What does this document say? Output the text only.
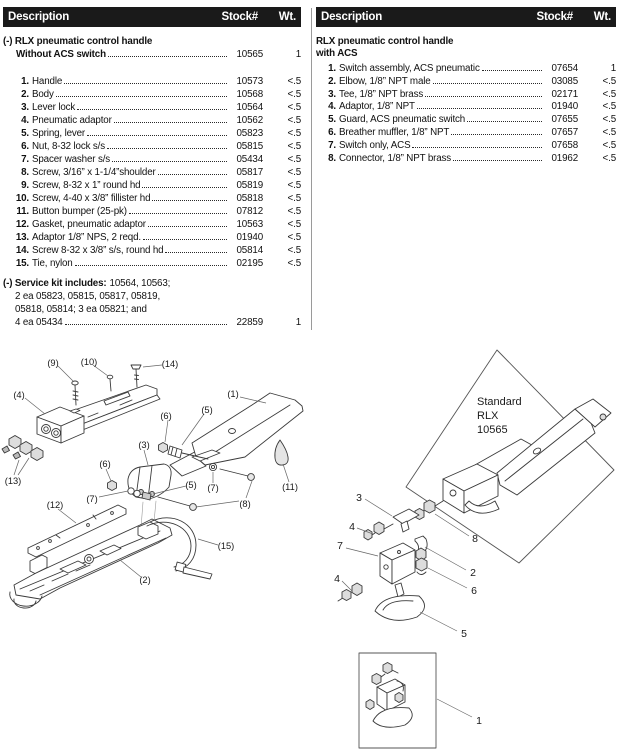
Description	Stock#	Wt.
(-) RLX pneumatic control handle
Without ACS switch	10565	1
1. Handle	10573	<.5
2. Body	10568	<.5
3. Lever lock	10564	<.5
4. Pneumatic adaptor	10562	<.5
5. Spring, lever	05823	<.5
6. Nut, 8-32 lock s/s	05815	<.5
7. Spacer washer s/s	05434	<.5
8. Screw, 3/16” x 1-1/4”shoulder	05817	<.5
9. Screw, 8-32 x 1” round hd	05819	<.5
10. Screw, 4-40 x 3/8” fillister hd	05818	<.5
11. Button bumper (25-pk)	07812	<.5
12. Gasket, pneumatic adaptor	10563	<.5
13. Adaptor 1/8” NPS, 2 reqd.	01940	<.5
14. Screw 8-32 x 3/8” s/s, round hd	05814	<.5
15. Tie, nylon	02195	<.5
(-) Service kit includes: 10564, 10563;
2 ea 05823, 05815, 05817, 05819,
05818, 05814; 3 ea 05821; and
4 ea 05434	22859	1
Description	Stock#	Wt.
RLX pneumatic control handle
with ACS
1. Switch assembly, ACS pneumatic	07654	1
2. Elbow, 1/8” NPT male	03085	<.5
3. Tee, 1/8” NPT brass	02171	<.5
4. Adaptor, 1/8” NPT	01940	<.5
5. Guard, ACS pneumatic switch	07655	<.5
6. Breather muffler, 1/8” NPT	07657	<.5
7. Switch only, ACS	07658	<.5
8. Connector, 1/8” NPT brass	01962	<.5
(9) (10)	(14)
(4)	(1)
(6)
(5)
(3)
(6)
(5)
(7)
(7)
(8)
(11)
(13)
(12)
(15)
(2)
Standard
RLX
10565
3
4
7
4
8
2
6
5
1
